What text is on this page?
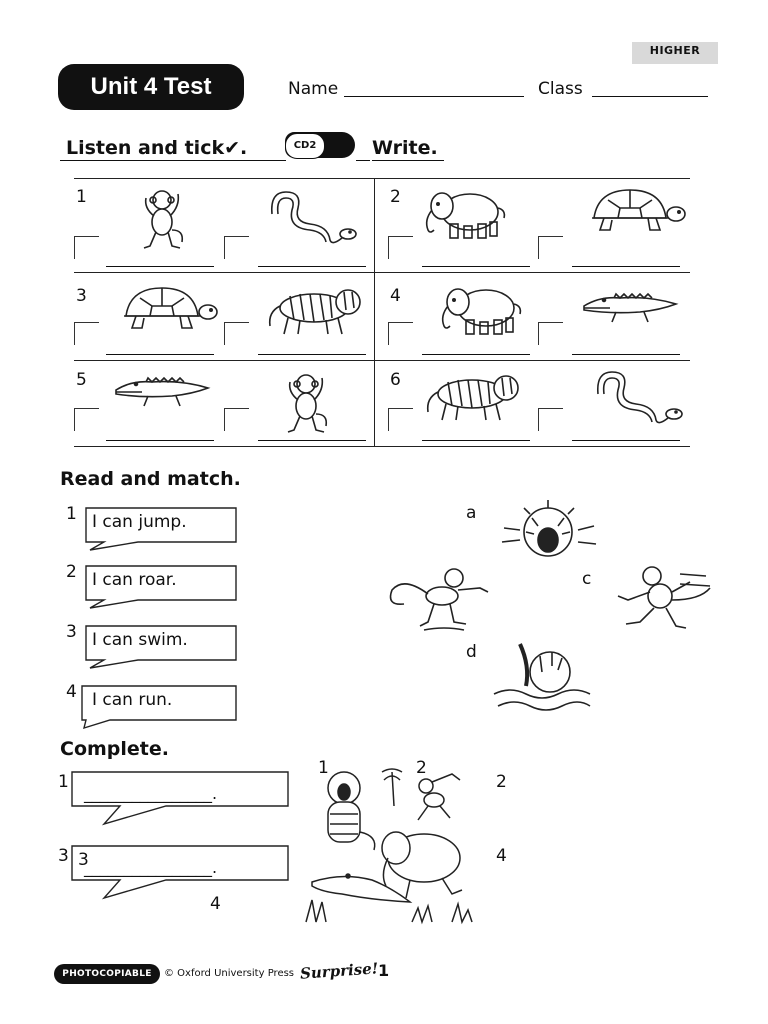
HIGHER
Unit 4 Test	Name	Class
Listen and tick✔.	CD2	Write.
1	2
3	4
5	6
Read and match.
1 I can jump.
2 I can roar.
3 I can swim.
4 I can run.
a
c
d
Complete.
1
________________.
3 3
________________.
4
1	2
2
4
PHOTOCOPIABLE	© Oxford University Press Surprise! 1
